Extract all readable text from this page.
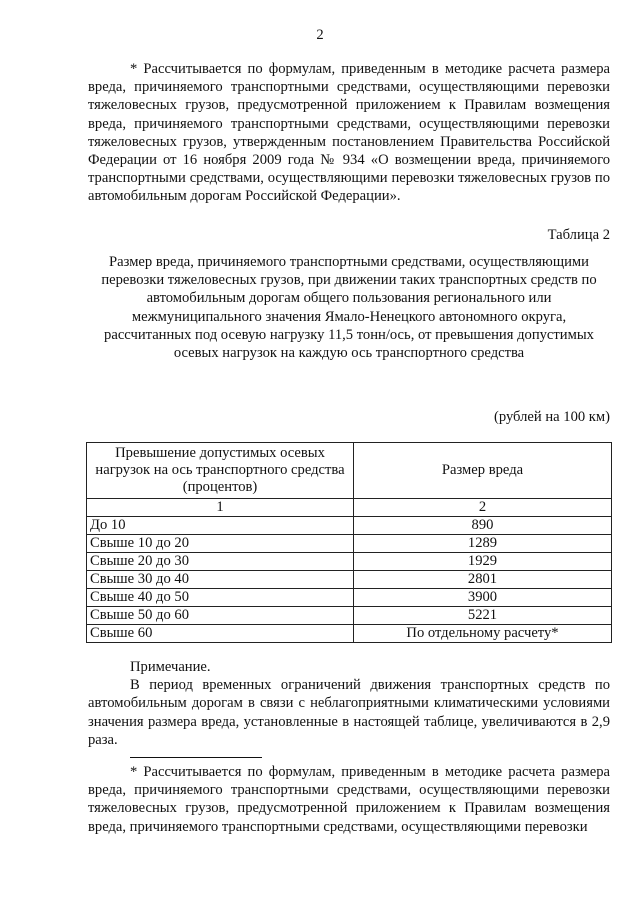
2

* Рассчитывается по формулам, приведенным в методике расчета размера вреда, причиняемого транспортными средствами, осуществляющими перевозки тяжеловесных грузов, предусмотренной приложением к Правилам возмещения вреда, причиняемого транспортными средствами, осуществляющими перевозки тяжеловесных грузов, утвержденным постановлением Правительства Российской Федерации от 16 ноября 2009 года № 934 «О возмещении вреда, причиняемого транспортными средствами, осуществляющими перевозки тяжеловесных грузов по автомобильным дорогам Российской Федерации».

Таблица 2
Размер вреда, причиняемого транспортными средствами, осуществляющими перевозки тяжеловесных грузов, при движении таких транспортных средств по автомобильным дорогам общего пользования регионального или межмуниципального значения Ямало-Ненецкого автономного округа, рассчитанных под осевую нагрузку 11,5 тонн/ось, от превышения допустимых осевых нагрузок на каждую ось транспортного средства
(рублей на 100 км)
Превышение допустимых осевых нагрузок на ось транспортного средства (процентов)	Размер вреда
1	2
До 10	890
Свыше 10 до 20	1289
Свыше 20 до 30	1929
Свыше 30 до 40	2801
Свыше 40 до 50	3900
Свыше 50 до 60	5221
Свыше 60	По отдельному расчету*

Примечание.

В период временных ограничений движения транспортных средств по автомобильным дорогам в связи с неблагоприятными климатическими условиями значения размера вреда, установленные в настоящей таблице, увеличиваются в 2,9 раза.

* Рассчитывается по формулам, приведенным в методике расчета размера вреда, причиняемого транспортными средствами, осуществляющими перевозки тяжеловесных грузов, предусмотренной приложением к Правилам возмещения вреда, причиняемого транспортными средствами, осуществляющими перевозки
